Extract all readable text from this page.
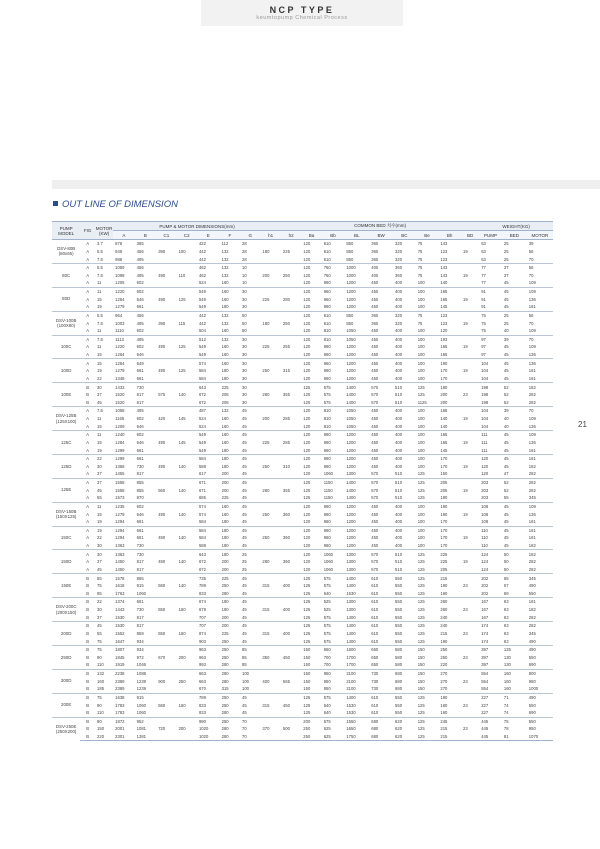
NCP TYPE
keumtopump Chemical Process
OUT LINE OF DIMENSION
21
PUMP MODEL	FIG	MOTOR (KW)	PUMP & MOTOR DIMENSIONS(mm)								COMMON BED 치수(mm)									WEIGHT(KG)		
			A	B	C1	C2	E	F	G	h1	h2	Ba	Bb	BL	BW	BC	Be	Bh	BD	PUMP	BED	MOTOR
DSV-80B
(80x65)	A	3.7	878	385			422	112	28			120	610	850	360	320	75	143		63	25	39
	A	5.5	949	456	390	100	442	132	28	180	225	120	610	850	360	320	75	123	19	63	25	56
	A	7.5	988	495			442	132	28			120	610	850	360	320	75	123		63	25	70
80C	A	5.5	1059	456			462	132	10			120	760	1000	400	360	75	143		77	37	56
	A	7.5	1098	495	490	110	462	132	10	200	250	120	760	1000	400	360	75	143	19	77	37	70
	A	11	1205	602			524	160	10			120	960	1200	450	400	100	140		77	45	109
80D	A	11	1220	602			549	160	30			120	960	1200	450	400	100	165		91	45	109
	A	15	1264	646	490	125	549	160	30	225	280	120	960	1200	450	400	100	165	19	91	45	136
	A	19	1279	661			549	180	30			120	960	1200	450	400	100	145		91	45	161
DSV-100B
(100X80)	A	5.5	964	456			442	132	50			120	610	850	360	320	75	123		75	25	56
	A	7.5	1003	495	390	115	442	132	50	180	250	120	610	850	360	320	75	123	19	75	25	70
	A	11	1110	602			504	160	50			120	810	1050	450	400	100	120		75	40	109
100C	A	7.5	1113	495			512	132	30			120	810	1050	450	400	100	193		97	39	70
	A	11	1220	602	490	125	549	160	30	225	255	120	960	1200	450	400	100	165	19	97	45	109
	A	15	1264	646			549	160	30			120	960	1200	450	400	100	165		97	45	136
100D	A	15	1264	649			574	160	30			120	960	1200	450	400	100	190		104	45	136
	A	19	1279	661	490	125	584	180	30	250	315	120	960	1200	450	400	100	170	19	104	45	161
	A	22	1348	661			584	180	30			120	960	1200	450	400	100	170		104	45	161
100E	B	30	1433	730			643	225	30			125	575	1400	570	510	125	180		198	52	182
	B	37	1520	817	575	140	672	205	30	280	355	125	575	1400	570	510	125	200	23	198	52	282
	B	45	1520	817			672	205	30			125	575	1400	570	510	1125	200		198	52	282
DSV-125B
(125X100)	A	7.5	1058	495			487	132	45			120	810	1050	450	400	100	168		104	39	70
	A	11	1165	602	420	145	524	160	45	200	285	120	810	1050	450	400	100	140	19	104	40	109
	A	15	1209	646			524	160	45			120	810	1050	450	400	100	140		104	40	136
125C	A	11	1240	602			549	160	45			120	960	1200	450	400	100	165		111	45	109
	A	15	1284	646	490	145	549	160	45	225	285	120	960	1200	450	400	100	165	19	111	45	136
	A	19	1299	661			549	180	45			120	960	1200	450	400	100	145		111	45	161
125D	A	22	1299	661			584	180	45			120	960	1200	450	400	100	170		120	45	161
	A	30	1368	730	490	140	588	180	45	250	310	120	960	1200	450	400	100	170	19	120	45	182
	A	37	1455	817			617	200	45			120	1060	1300	570	510	125	150		120	47	282
125E	A	37	1558	855			671	200	45			125	1150	1400	570	510	125	205		203	52	282
	A	45	1558	855	560	140	671	200	45	280	355	125	1150	1400	570	510	125	205	19	203	52	282
	A	55	1573	870			685	225	45			125	1150	1400	570	510	125	180		203	55	345
DSV-150B
(150X125)	A	11	1235	602			574	160	45			120	960	1200	450	400	100	190		108	45	109
	A	15	1279	646	490	140	574	160	45	250	360	120	960	1200	450	400	100	190	19	108	45	136
	A	19	1294	661			584	180	45			120	960	1200	450	400	100	170		108	45	161
150C	A	19	1294	661			584	180	45			120	960	1200	450	400	100	170		110	45	161
	A	22	1294	661	490	140	584	180	45	250	360	120	960	1200	450	400	100	170	19	110	45	161
	A	30	1363	730			588	180	45			120	960	1200	450	400	100	170		110	45	182
150D	A	30	1363	730			643	180	25			120	1060	1300	570	510	125	225		124	50	182
	A	37	1450	817	490	140	672	200	25	280	360	120	1060	1300	570	510	125	225	19	124	50	282
	A	45	1450	817			672	200	25			120	1060	1300	570	510	125	205		124	50	282
150E	B	55	1578	865			735	225	45			125	575	1400	610	550	125	215		202	65	345
	B	75	1618	915	560	140	789	250	45	315	400	125	575	1400	610	550	125	190	23	202	67	490
	B	95	1763	1060			833	280	45			125	640	1530	610	550	125	160		202	69	550
DSV-200C
(200X150)	B	22	1374	661			674	180	45			125	525	1300	610	550	125	260		167	63	161
	B	30	1443	730	550	160	678	180	45	315	400	125	525	1300	610	550	125	260	23	167	63	182
	B	37	1530	817			707	200	45			125	575	1400	610	550	125	240		167	63	282
200D	B	45	1530	817			707	200	45			125	575	1400	610	550	125	240		174	63	282
	B	55	1552	859	550	160	874	225	45	315	400	125	575	1400	610	550	125	215	23	174	63	345
	B	75	1647	934			903	250	45			125	575	1400	610	550	125	190		174	63	490
250D	B	75	1807	934			963	250	85			150	650	1600	650	580	150	250		397	125	490
	B	90	1845	972	670	200	963	250	85	350	450	150	700	1700	650	580	150	250	23	397	130	550
	B	110	1919	1046			993	280	85			150	700	1700	650	580	150	220		397	130	690
300D	B	132	2238	1088			663	280	100			150	950	2100	730	680	150	270		554	160	800
	B	160	2389	1239	900	250	663	280	100	400	565	150	950	2100	730	680	150	270	23	554	160	980
	B	185	2389	1239			670	315	100			150	950	2100	730	680	150	270		554	160	1000
200E	B	75	1638	915			789	250	45			125	575	1400	610	550	125	190		227	71	490
	B	90	1783	1060	560	160	833	250	45	315	450	125	640	1530	610	550	125	160	23	227	74	550
	B	110	1783	1060			833	280	45			125	640	1530	610	550	125	160		227	74	690
DSV-250E
(250X200)	B	90	1872	952			990	250	70			200	575	1550	680	620	125	245		445	75	550
	B	150	2001	1081	720	200	1020	280	70	370	500	250	625	1650	680	620	125	215	23	445	78	950
	B	220	2301	1381			1020	280	70			250	625	1750	680	620	125	215		445	81	1070
